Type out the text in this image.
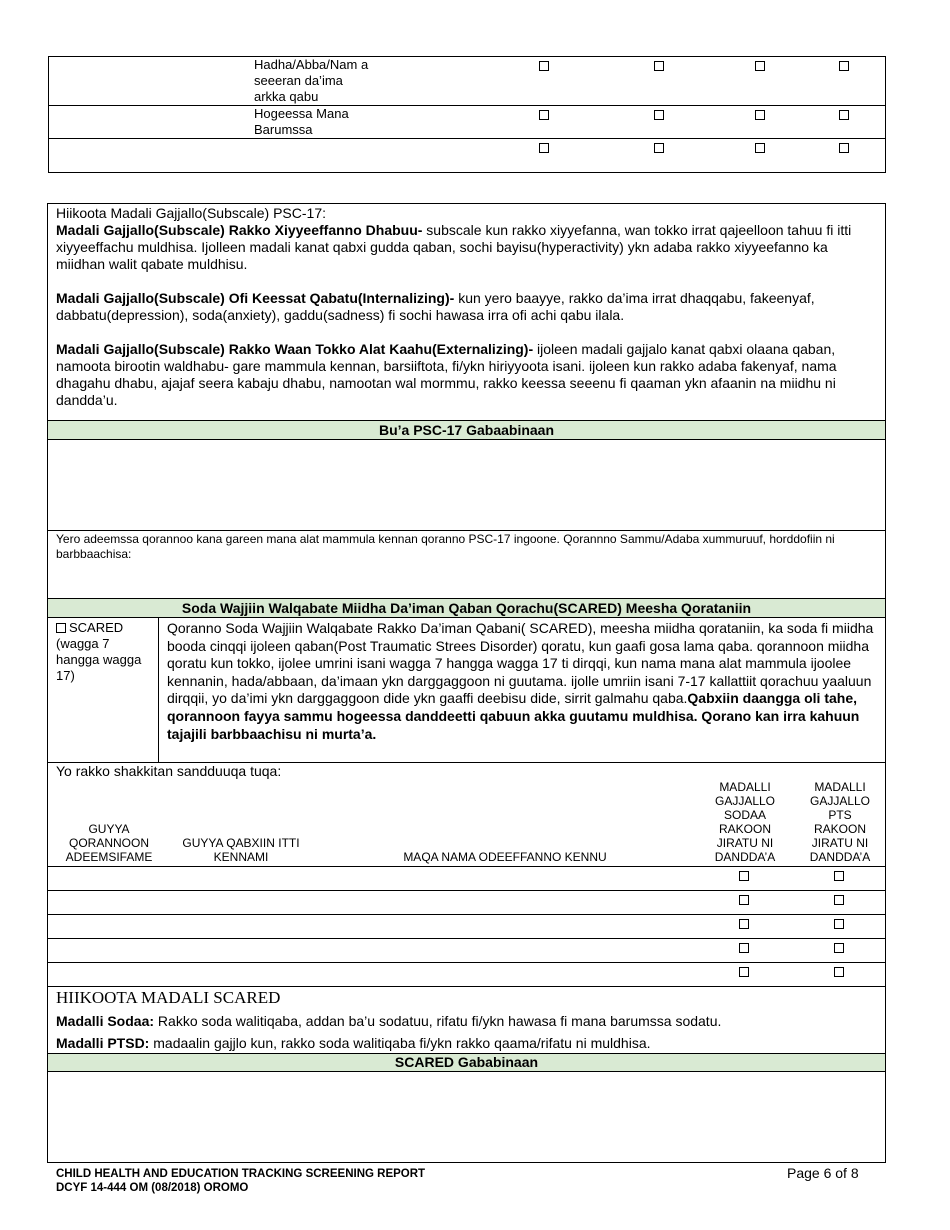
Hadha/Abba/Nam a seeeran da’ima arkka qabu
Hogeessa Mana Barumssa
Hiikoota Madali Gajjallo(Subscale) PSC-17:
Madali Gajjallo(Subscale) Rakko Xiyyeeffanno Dhabuu- subscale kun rakko xiyyefanna, wan tokko irrat qajeelloon tahuu fi itti xiyyeeffachu muldhisa. Ijolleen madali kanat qabxi gudda qaban, sochi bayisu(hyperactivity) ykn adaba rakko xiyyeefanno ka miidhan walit qabate muldhisu.
Madali Gajjallo(Subscale) Ofi Keessat Qabatu(Internalizing)- kun yero baayye, rakko da’ima irrat dhaqqabu, fakeenyaf, dabbatu(depression), soda(anxiety), gaddu(sadness) fi sochi hawasa irra ofi achi qabu ilala.
Madali Gajjallo(Subscale) Rakko Waan Tokko Alat Kaahu(Externalizing)- ijoleen madali gajjalo kanat qabxi olaana qaban, namoota birootin waldhabu- gare mammula kennan, barsiiftota, fi/ykn hiriyyoota isani. ijoleen kun rakko adaba fakenyaf, nama dhagahu dhabu, ajajaf seera kabaju dhabu, namootan wal mormmu, rakko keessa seeenu fi qaaman ykn afaanin na miidhu ni dandda’u.
Bu’a PSC-17 Gabaabinaan
Yero adeemssa qorannoo kana gareen mana alat mammula kennan qoranno PSC-17 ingoone. Qorannno Sammu/Adaba xummuruuf, horddofiin ni barbbaachisa:
Soda Wajjiin Walqabate Miidha Da’iman Qaban Qorachu(SCARED) Meesha Qorataniin
SCARED (wagga 7 hangga wagga 17)
Qoranno Soda Wajjiin Walqabate Rakko Da’iman Qabani( SCARED), meesha miidha qorataniin, ka soda fi miidha booda cinqqi ijoleen qaban(Post Traumatic Strees Disorder) qoratu, kun gaafi gosa lama qaba. qorannoon miidha qoratu kun tokko, ijolee umrini isani wagga 7 hangga wagga 17 ti dirqqi, kun nama mana alat mammula ijoolee kennanin, hada/abbaan, da’imaan ykn darggaggoon ni guutama. ijolle umriin isani 7-17 kallattiit qorachuu yaaluun dirqqii, yo da’imi ykn darggaggoon dide ykn gaaffi deebisu dide, sirrit galmahu qaba.Qabxiin daangga oli tahe, qorannoon fayya sammu hogeessa danddeetti qabuun akka guutamu muldhisa. Qorano kan irra kahuun tajajili barbbaachisu ni murta’a.
Yo rakko shakkitan sandduuqa tuqa:
GUYYA QORANNOON ADEEMSIFAME
GUYYA QABXIIN ITTI KENNAMI	MAQA NAMA ODEEFFANNO KENNU
MADALLI GAJJALLO SODAA RAKOON JIRATU NI DANDDA’A
MADALLI GAJJALLO PTS RAKOON JIRATU NI DANDDA’A
HIIKOOTA MADALI SCARED
Madalli Sodaa: Rakko soda walitiqaba, addan ba’u sodatuu, rifatu fi/ykn hawasa fi mana barumssa sodatu.
Madalli PTSD: madaalin gajjlo kun, rakko soda walitiqaba fi/ykn rakko qaama/rifatu ni muldhisa.
SCARED Gababinaan
CHILD HEALTH AND EDUCATION TRACKING SCREENING REPORT
DCYF 14-444 OM (08/2018) OROMO
Page 6 of 8
